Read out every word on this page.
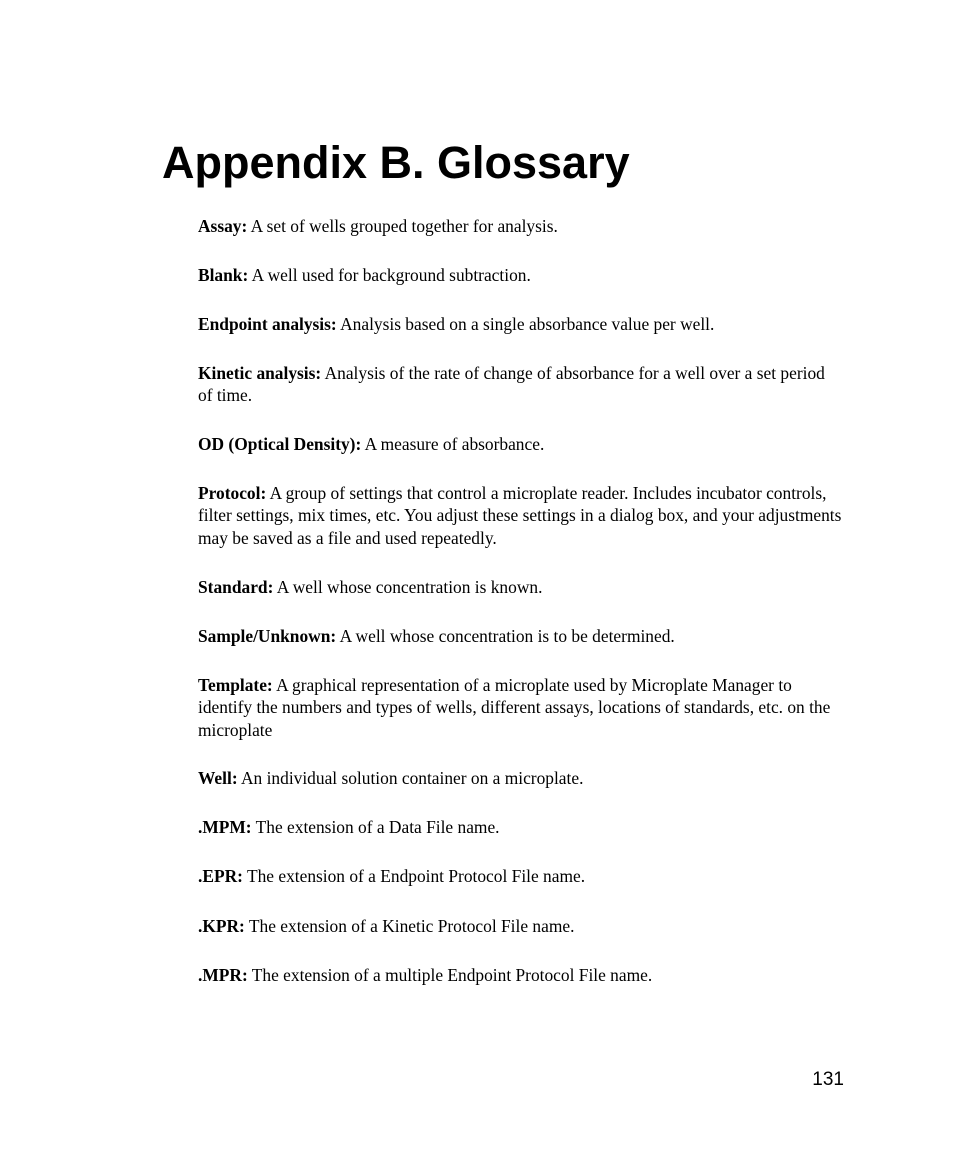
Appendix B. Glossary

Assay: A set of wells grouped together for analysis.

Blank: A well used for background subtraction.

Endpoint analysis: Analysis based on a single absorbance value per well.

Kinetic analysis: Analysis of the rate of change of absorbance for a well over a set period of time.

OD (Optical Density): A measure of absorbance.

Protocol: A group of settings that control a microplate reader. Includes incubator controls, filter settings, mix times, etc. You adjust these settings in a dialog box, and your adjustments may be saved as a file and used repeatedly.

Standard: A well whose concentration is known.

Sample/Unknown: A well whose concentration is to be determined.

Template: A graphical representation of a microplate used by Microplate Manager to identify the numbers and types of wells, different assays, locations of standards, etc. on the microplate

Well: An individual solution container on a microplate.

.MPM: The extension of a Data File name.

.EPR: The extension of a Endpoint Protocol File name.

.KPR: The extension of a Kinetic Protocol File name.

.MPR: The extension of a multiple Endpoint Protocol File name.

131
